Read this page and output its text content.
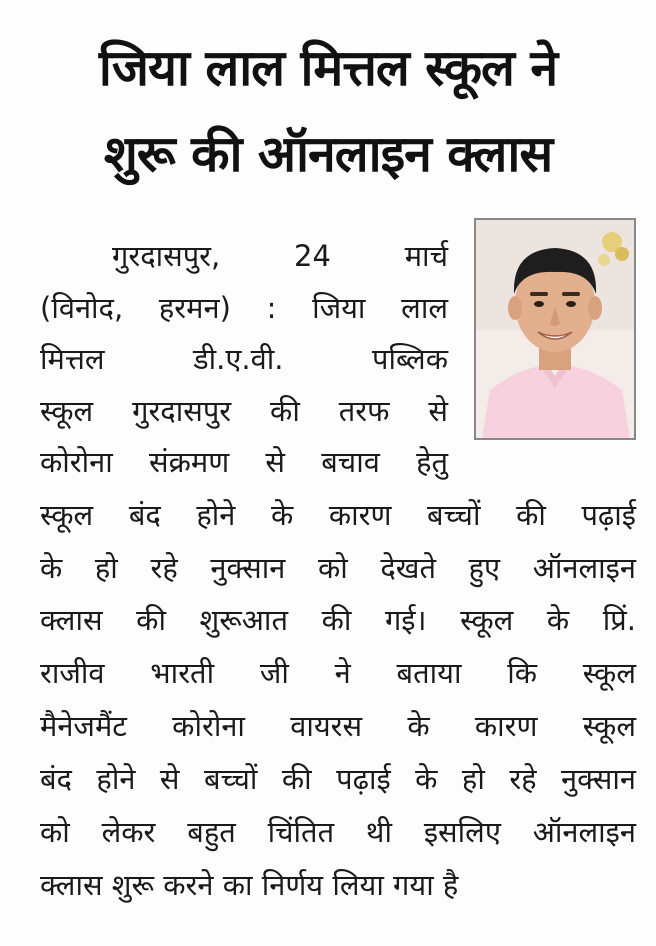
जिया लाल मित्तल स्कूल ने
शुरू की ऑनलाइन क्लास
गुरदासपुर, 24 मार्च
(विनोद, हरमन) : जिया लाल
मित्तल डी.ए.वी. पब्लिक
स्कूल गुरदासपुर की तरफ से
कोरोना संक्रमण से बचाव हेतु
स्कूल बंद होने के कारण बच्चों की पढ़ाई
के हो रहे नुक्सान को देखते हुए ऑनलाइन
क्लास की शुरूआत की गई। स्कूल के प्रिं.
राजीव भारती जी ने बताया कि स्कूल
मैनेजमैंट कोरोना वायरस के कारण स्कूल
बंद होने से बच्चों की पढ़ाई के हो रहे नुक्सान
को लेकर बहुत चिंतित थी इसलिए ऑनलाइन
क्लास शुरू करने का निर्णय लिया गया है
